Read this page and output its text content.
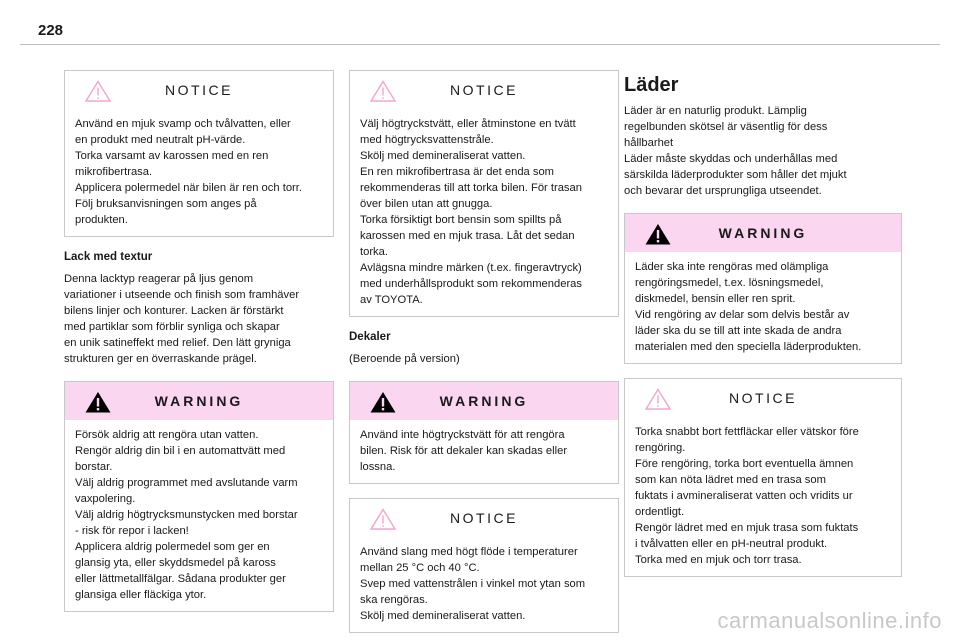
228
NOTICE

Använd en mjuk svamp och tvålvatten, eller

en produkt med neutralt pH-värde.

Torka varsamt av karossen med en ren

mikrofibertrasa.

Applicera polermedel när bilen är ren och torr.

Följ bruksanvisningen som anges på

produkten.

Lack med textur

Denna lacktyp reagerar på ljus genom

variationer i utseende och finish som framhäver

bilens linjer och konturer. Lacken är förstärkt

med partiklar som förblir synliga och skapar

en unik satineffekt med relief. Den lätt gryniga

strukturen ger en överraskande prägel.

WARNING

Försök aldrig att rengöra utan vatten.

Rengör aldrig din bil i en automattvätt med

borstar.

Välj aldrig programmet med avslutande varm

vaxpolering.

Välj aldrig högtrycksmunstycken med borstar

- risk för repor i lacken!

Applicera aldrig polermedel som ger en

glansig yta, eller skyddsmedel på kaross

eller lättmetallfälgar. Sådana produkter ger

glansiga eller fläckiga ytor.

NOTICE

Välj högtryckstvätt, eller åtminstone en tvätt

med högtrycksvattenstråle.

Skölj med demineraliserat vatten.

En ren mikrofibertrasa är det enda som

rekommenderas till att torka bilen. För trasan

över bilen utan att gnugga.

Torka försiktigt bort bensin som spillts på

karossen med en mjuk trasa. Låt det sedan

torka.

Avlägsna mindre märken (t.ex. fingeravtryck)

med underhållsprodukt som rekommenderas

av TOYOTA.

Dekaler
(Beroende på version)
WARNING

Använd inte högtryckstvätt för att rengöra

bilen. Risk för att dekaler kan skadas eller

lossna.

NOTICE

Använd slang med högt flöde i temperaturer

mellan 25 °C och 40 °C.

Svep med vattenstrålen i vinkel mot ytan som

ska rengöras.

Skölj med demineraliserat vatten.

Läder

Läder är en naturlig produkt. Lämplig

regelbunden skötsel är väsentlig för dess

hållbarhet

Läder måste skyddas och underhållas med

särskilda läderprodukter som håller det mjukt

och bevarar det ursprungliga utseendet.

WARNING

Läder ska inte rengöras med olämpliga

rengöringsmedel, t.ex. lösningsmedel,

diskmedel, bensin eller ren sprit.

Vid rengöring av delar som delvis består av

läder ska du se till att inte skada de andra

materialen med den speciella läderprodukten.

NOTICE

Torka snabbt bort fettfläckar eller vätskor före

rengöring.

Före rengöring, torka bort eventuella ämnen

som kan nöta lädret med en trasa som

fuktats i avmineraliserat vatten och vridits ur

ordentligt.

Rengör lädret med en mjuk trasa som fuktats

i tvålvatten eller en pH-neutral produkt.

Torka med en mjuk och torr trasa.

carmanualsonline.info
